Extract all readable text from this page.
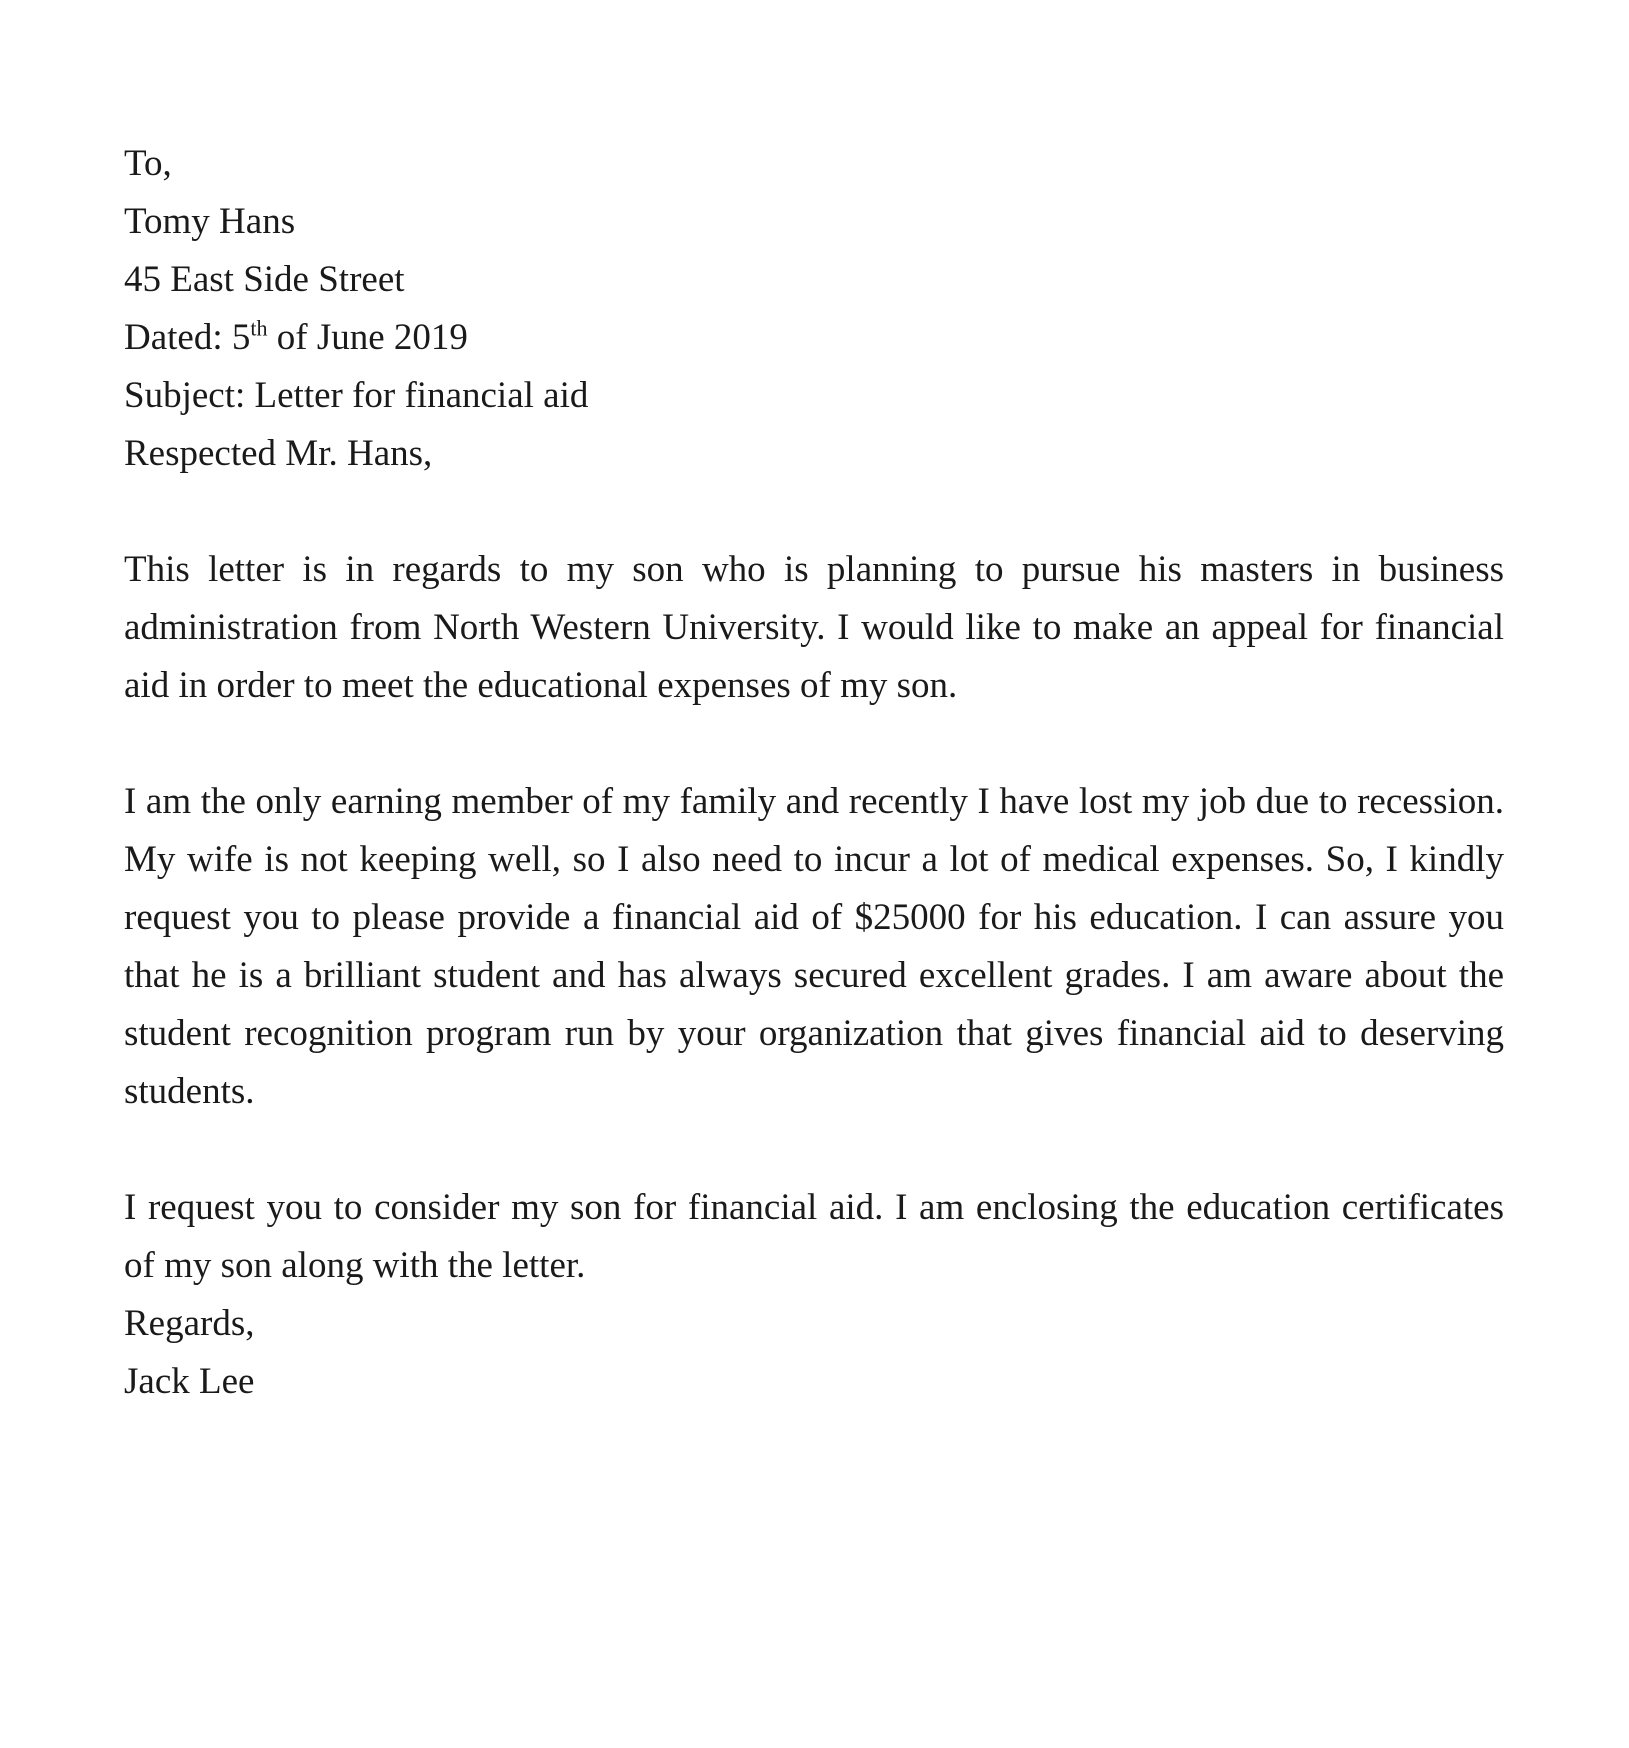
To,

Tomy Hans

45 East Side Street

Dated: 5th of June 2019

Subject: Letter for financial aid

Respected Mr. Hans,

This letter is in regards to my son who is planning to pursue his masters in business administration from North Western University. I would like to make an appeal for financial aid in order to meet the educational expenses of my son.

I am the only earning member of my family and recently I have lost my job due to recession. My wife is not keeping well, so I also need to incur a lot of medical expenses. So, I kindly request you to please provide a financial aid of $25000 for his education. I can assure you that he is a brilliant student and has always secured excellent grades. I am aware about the student recognition program run by your organization that gives financial aid to deserving students.

I request you to consider my son for financial aid. I am enclosing the education certificates of my son along with the letter.

Regards,

Jack Lee
